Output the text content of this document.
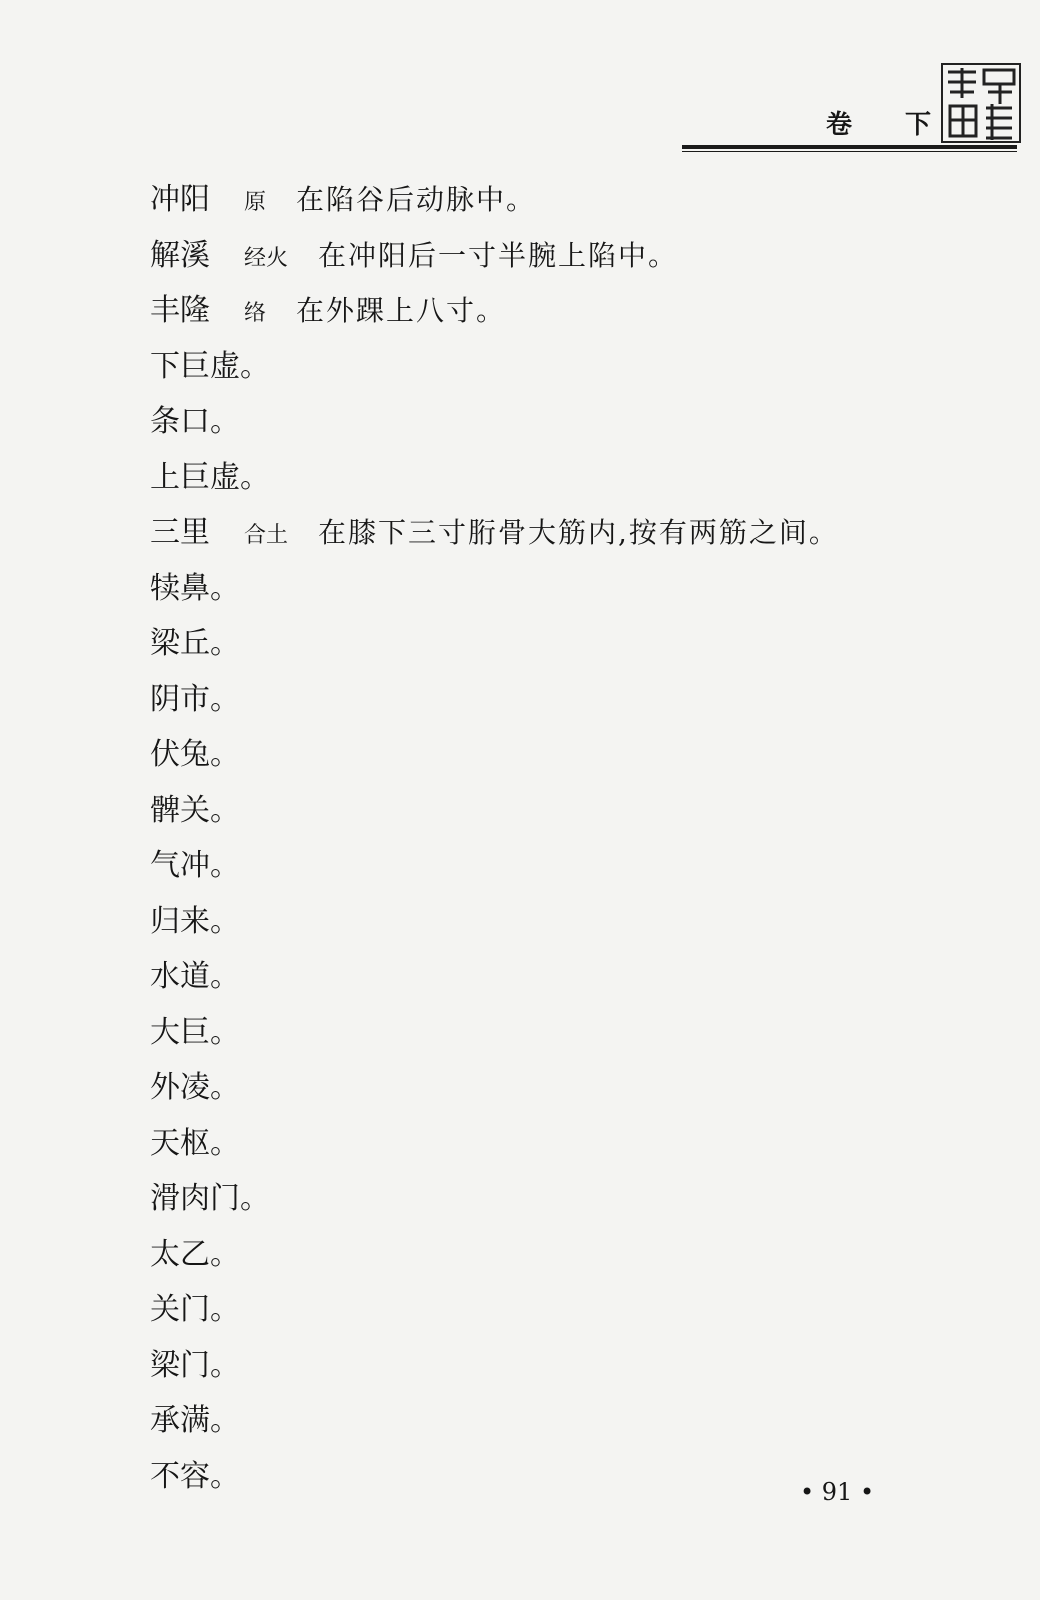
卷 下
冲阳 原 在陷谷后动脉中。
解溪 经火 在冲阳后一寸半腕上陷中。
丰隆 络 在外踝上八寸。
下巨虚。
条口。
上巨虚。
三里 合土 在膝下三寸胻骨大筋内,按有两筋之间。
犊鼻。
梁丘。
阴市。
伏兔。
髀关。
气冲。
归来。
水道。
大巨。
外凌。
天枢。
滑肉门。
太乙。
关门。
梁门。
承满。
不容。	• 91 •
